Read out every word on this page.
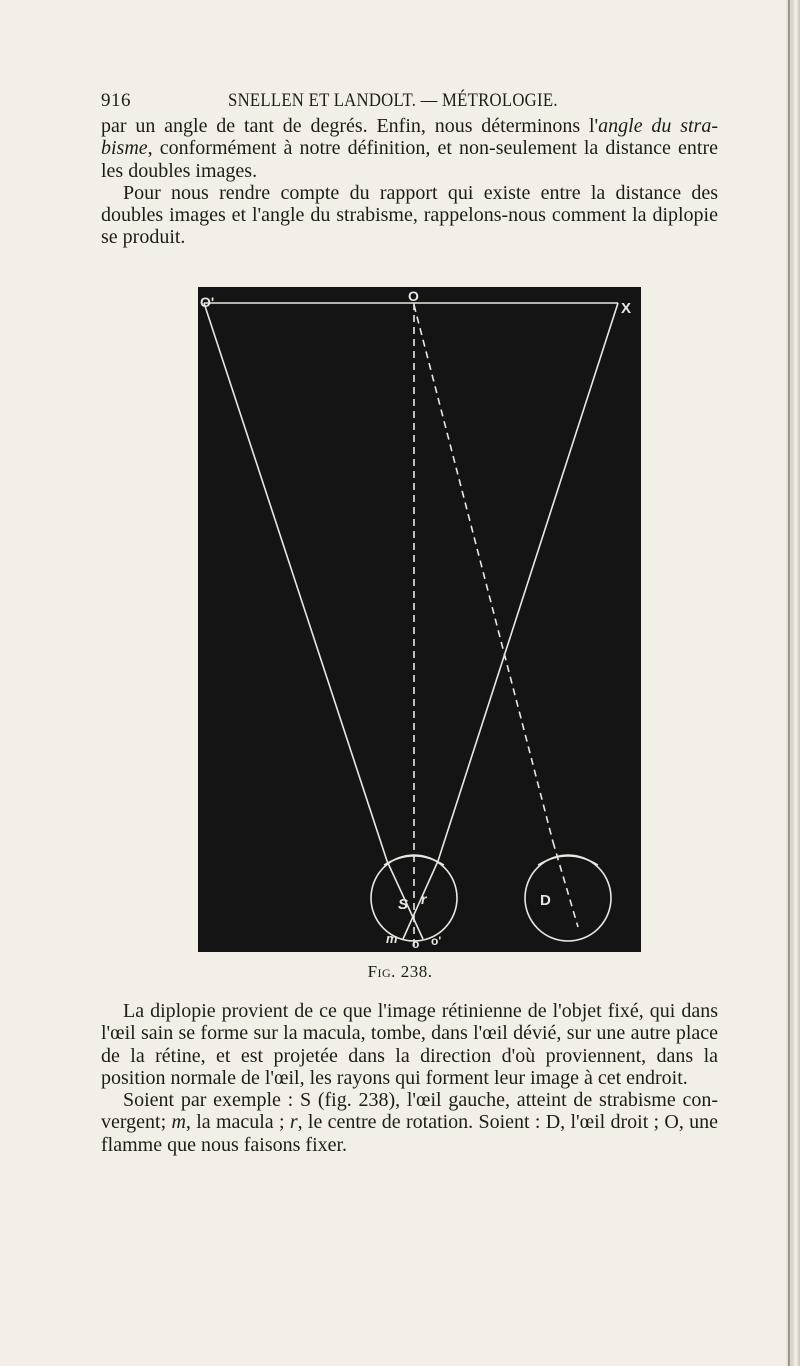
916	SNELLEN ET LANDOLT. — MÉTROLOGIE.

par un angle de tant de degrés. Enfin, nous déterminons l'angle du stra- bisme, conformément à notre définition, et non-seulement la distance entre les doubles images.

Pour nous rendre compte du rapport qui existe entre la distance des doubles images et l'angle du strabisme, rappelons-nous comment la diplopie se produit.

O'	O
X
S r	D
m o o'
Fig. 238.

La diplopie provient de ce que l'image rétinienne de l'objet fixé, qui dans l'œil sain se forme sur la macula, tombe, dans l'œil dévié, sur une autre place de la rétine, et est projetée dans la direction d'où proviennent, dans la position normale de l'œil, les rayons qui forment leur image à cet endroit.

Soient par exemple : S (fig. 238), l'œil gauche, atteint de strabisme con-vergent; m, la macula ; r, le centre de rotation. Soient : D, l'œil droit ; O, une flamme que nous faisons fixer.
